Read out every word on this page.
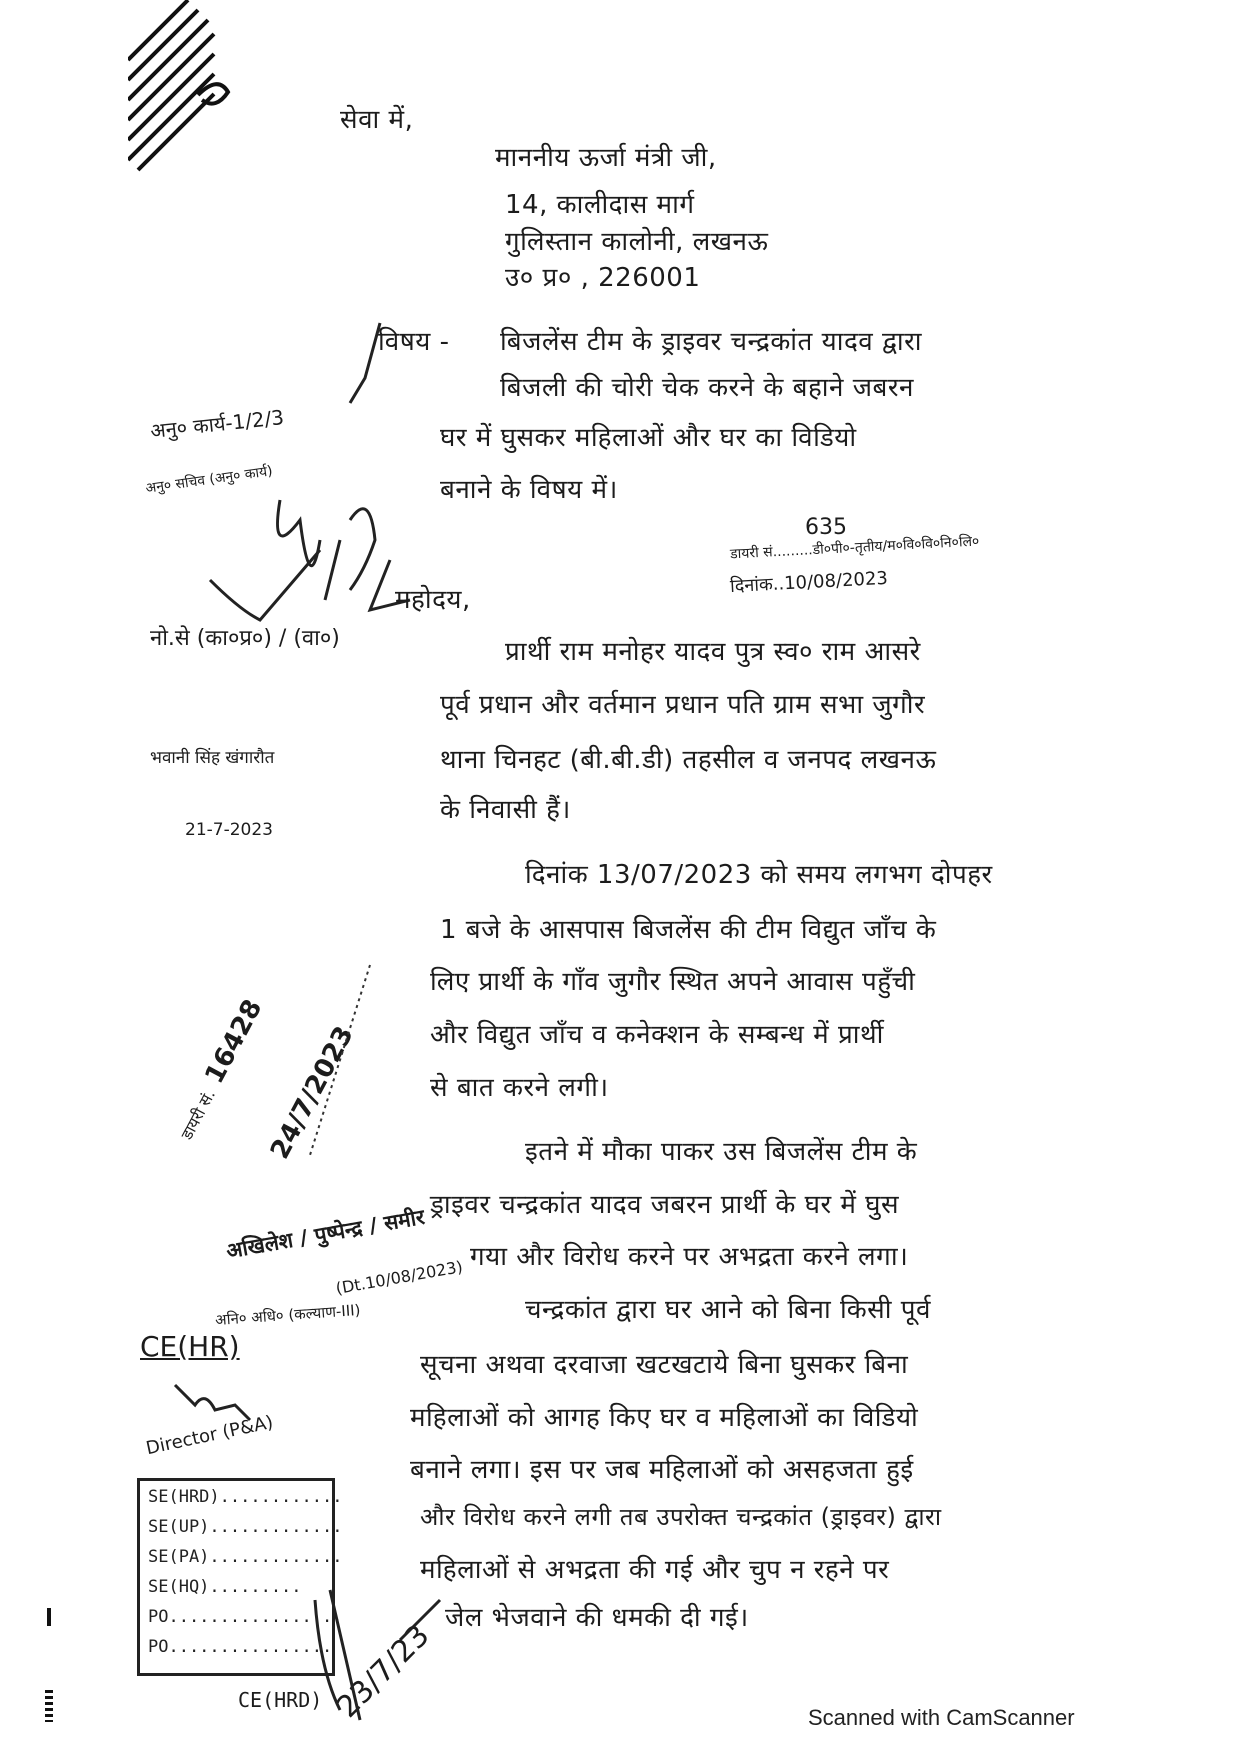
सेवा में,
माननीय ऊर्जा मंत्री जी,
14, कालीदास मार्ग
गुलिस्तान कालोनी, लखनऊ
उ० प्र० , 226001
विषय - बिजलेंस टीम के ड्राइवर चन्द्रकांत यादव द्वारा
बिजली की चोरी चेक करने के बहाने जबरन
घर में घुसकर महिलाओं और घर का विडियो
बनाने के विषय में।
अनु० कार्य-1/2/3
अनु० सचिव (अनु० कार्य)
नो.से (का०प्र०) / (वा०)
भवानी सिंह खंगारौत
21-7-2023
635
डायरी सं.........डी०पी०-तृतीय/म०वि०वि०नि०लि०
दिनांक..10/08/2023
महोदय,
प्रार्थी राम मनोहर यादव पुत्र स्व० राम आसरे
पूर्व प्रधान और वर्तमान प्रधान पति ग्राम सभा जुगौर
थाना चिनहट (बी.बी.डी) तहसील व जनपद लखनऊ
के निवासी हैं।
दिनांक 13/07/2023 को समय लगभग दोपहर
1 बजे के आसपास बिजलेंस की टीम विद्युत जाँच के
लिए प्रार्थी के गाँव जुगौर स्थित अपने आवास पहुँची
और विद्युत जाँच व कनेक्शन के सम्बन्ध में प्रार्थी
से बात करने लगी।
इतने में मौका पाकर उस बिजलेंस टीम के
ड्राइवर चन्द्रकांत यादव जबरन प्रार्थी के घर में घुस
गया और विरोध करने पर अभद्रता करने लगा।
डायरी सं. 16428
24/7/2023
अखिलेश / पुष्पेन्द्र / समीर
(Dt.10/08/2023)
अनि० अधि० (कल्याण-III)	चन्द्रकांत द्वारा घर आने को बिना किसी पूर्व
सूचना अथवा दरवाजा खटखटाये बिना घुसकर बिना
महिलाओं को आगह किए घर व महिलाओं का विडियो
बनाने लगा। इस पर जब महिलाओं को असहजता हुई
और विरोध करने लगी तब उपरोक्त चन्द्रकांत (ड्राइवर) द्वारा
महिलाओं से अभद्रता की गई और चुप न रहने पर
जेल भेजवाने की धमकी दी गई।
CE(HR)
Director (P&A)
SE(HRD)............
SE(UP).............
SE(PA).............
SE(HQ).........
PO.................
PO................
CE(HRD) 23/7/23	Scanned with CamScanner
